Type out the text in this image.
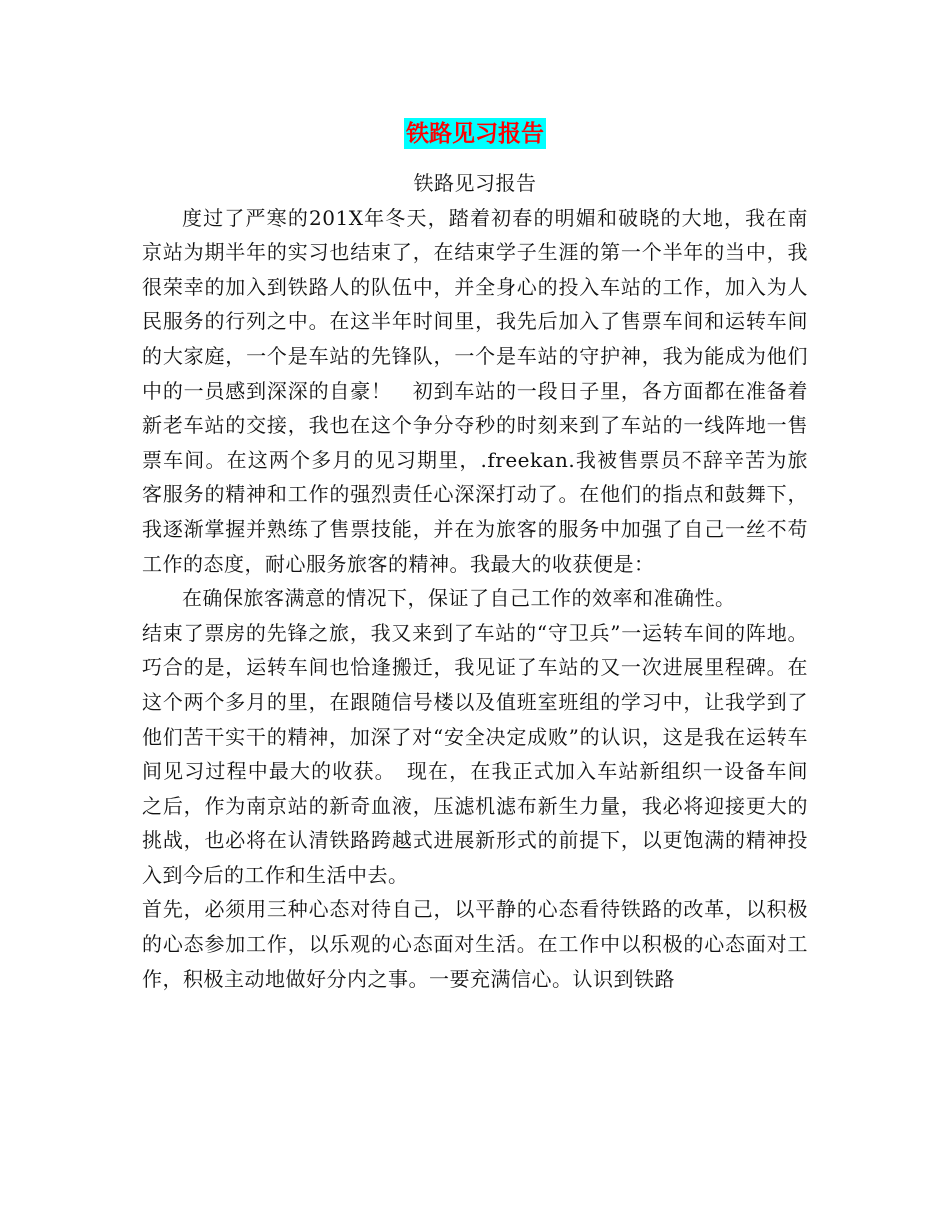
铁路见习报告

铁路见习报告

度过了严寒的201X年冬天，踏着初春的明媚和破晓的大地，我在南京站为期半年的实习也结束了，在结束学子生涯的第一个半年的当中，我很荣幸的加入到铁路人的队伍中，并全身心的投入车站的工作，加入为人民服务的行列之中。在这半年时间里，我先后加入了售票车间和运转车间的大家庭，一个是车站的先锋队，一个是车站的守护神，我为能成为他们中的一员感到深深的自豪！　初到车站的一段日子里，各方面都在准备着新老车站的交接，我也在这个争分夺秒的时刻来到了车站的一线阵地一售票车间。在这两个多月的见习期里，.freekan.我被售票员不辞辛苦为旅客服务的精神和工作的强烈责任心深深打动了。在他们的指点和鼓舞下，我逐渐掌握并熟练了售票技能，并在为旅客的服务中加强了自己一丝不苟工作的态度，耐心服务旅客的精神。我最大的收获便是：

在确保旅客满意的情况下，保证了自己工作的效率和准确性。

结束了票房的先锋之旅，我又来到了车站的“守卫兵”一运转车间的阵地。巧合的是，运转车间也恰逢搬迁，我见证了车站的又一次进展里程碑。在这个两个多月的里，在跟随信号楼以及值班室班组的学习中，让我学到了他们苦干实干的精神，加深了对“安全决定成败”的认识，这是我在运转车间见习过程中最大的收获。　现在，在我正式加入车站新组织一设备车间之后，作为南京站的新奇血液，压滤机滤布新生力量，我必将迎接更大的挑战，也必将在认清铁路跨越式进展新形式的前提下，以更饱满的精神投入到今后的工作和生活中去。

首先，必须用三种心态对待自己，以平静的心态看待铁路的改革，以积极的心态参加工作，以乐观的心态面对生活。在工作中以积极的心态面对工作，积极主动地做好分内之事。一要充满信心。认识到铁路
